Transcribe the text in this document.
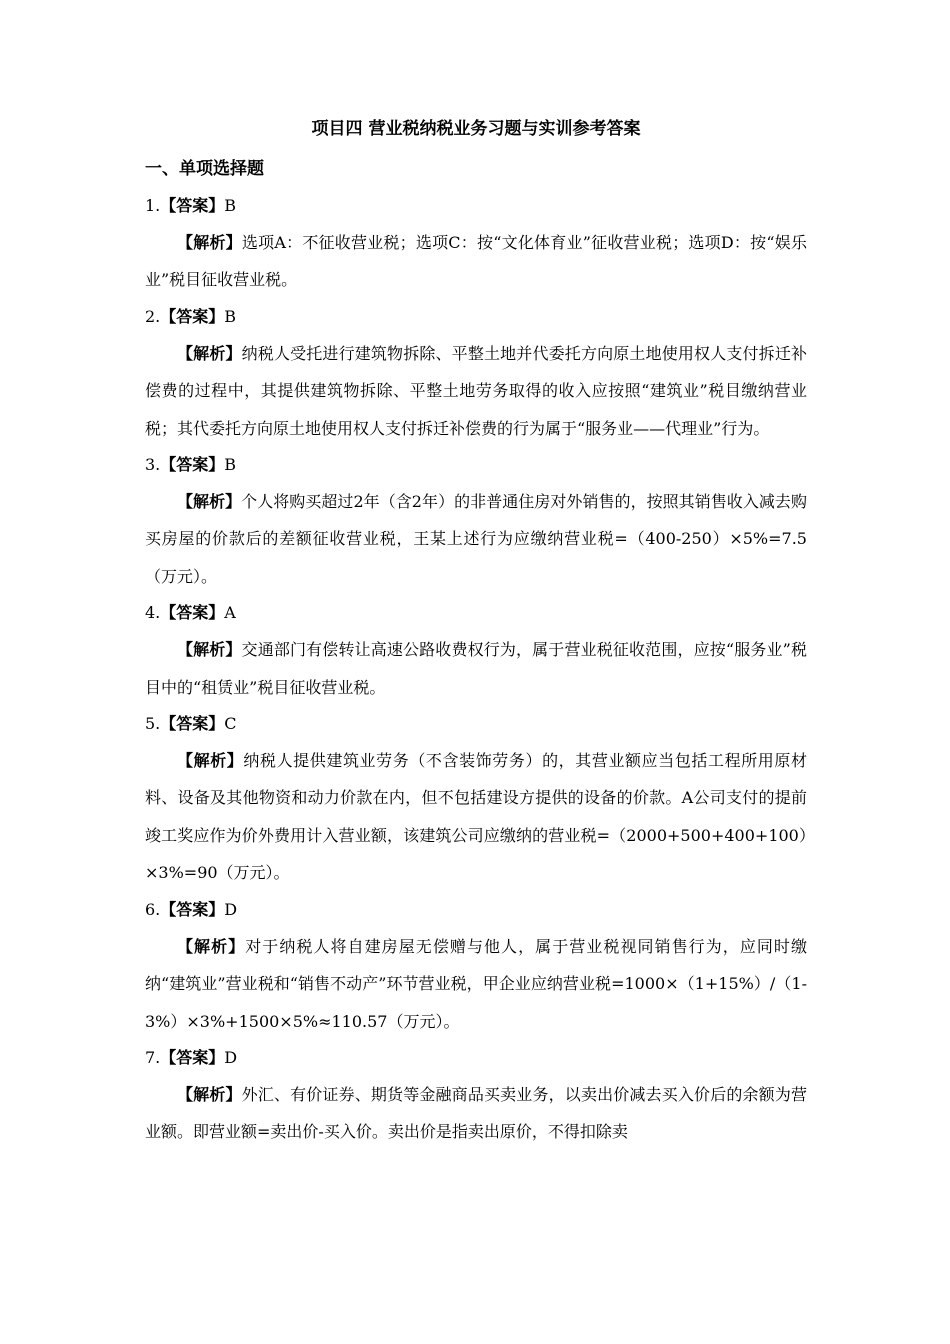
项目四 营业税纳税业务习题与实训参考答案
一、单项选择题
1.【答案】B
【解析】选项A：不征收营业税；选项C：按“文化体育业”征收营业税；选项D：按“娱乐业”税目征收营业税。
2.【答案】B
【解析】纳税人受托进行建筑物拆除、平整土地并代委托方向原土地使用权人支付拆迁补偿费的过程中，其提供建筑物拆除、平整土地劳务取得的收入应按照“建筑业”税目缴纳营业税；其代委托方向原土地使用权人支付拆迁补偿费的行为属于“服务业——代理业”行为。
3.【答案】B
【解析】个人将购买超过2年（含2年）的非普通住房对外销售的，按照其销售收入减去购买房屋的价款后的差额征收营业税，王某上述行为应缴纳营业税=（400-250）×5%=7.5（万元）。
4.【答案】A
【解析】交通部门有偿转让高速公路收费权行为，属于营业税征收范围，应按“服务业”税目中的“租赁业”税目征收营业税。
5.【答案】C
【解析】纳税人提供建筑业劳务（不含装饰劳务）的，其营业额应当包括工程所用原材料、设备及其他物资和动力价款在内，但不包括建设方提供的设备的价款。A公司支付的提前竣工奖应作为价外费用计入营业额，该建筑公司应缴纳的营业税=（2000+500+400+100）×3%=90（万元）。
6.【答案】D
【解析】对于纳税人将自建房屋无偿赠与他人，属于营业税视同销售行为，应同时缴纳“建筑业”营业税和“销售不动产”环节营业税，甲企业应纳营业税=1000×（1+15%）/（1-3%）×3%+1500×5%≈110.57（万元）。
7.【答案】D
【解析】外汇、有价证券、期货等金融商品买卖业务，以卖出价减去买入价后的余额为营业额。即营业额=卖出价-买入价。卖出价是指卖出原价，不得扣除卖
